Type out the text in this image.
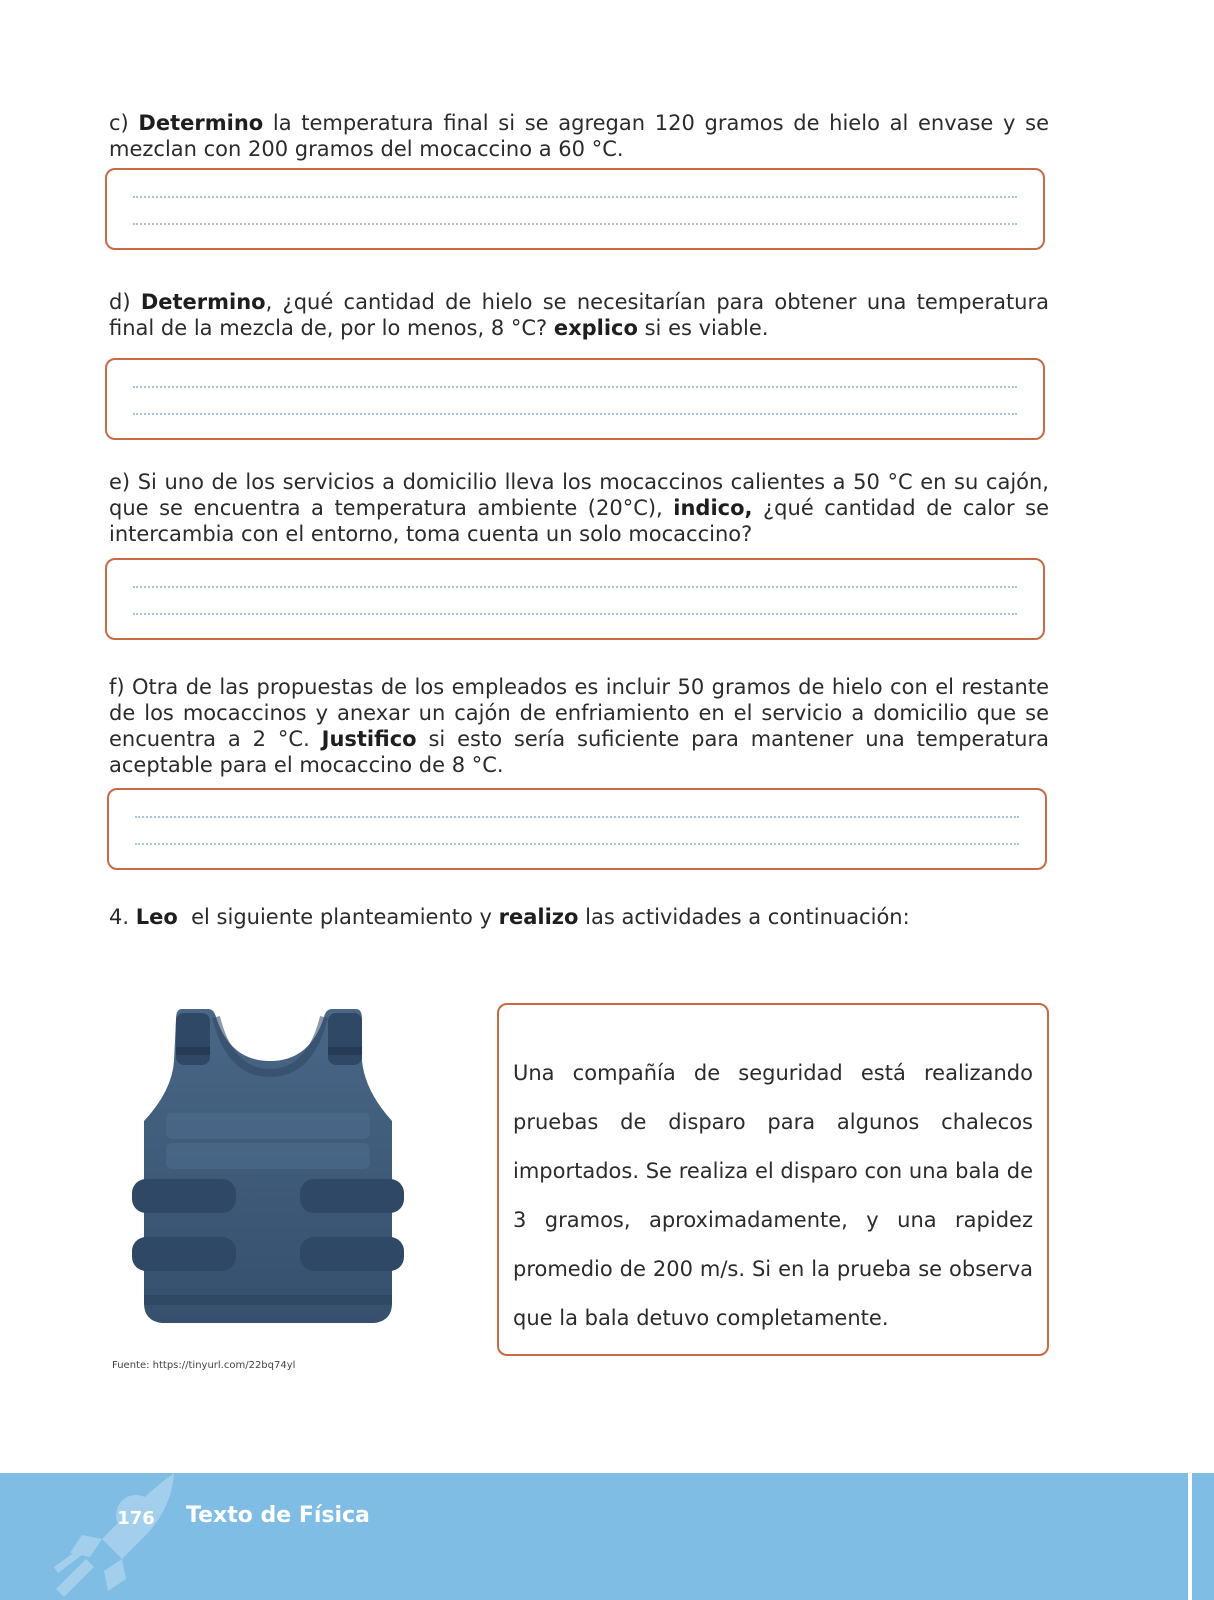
c) Determino la temperatura final si se agregan 120 gramos de hielo al envase y se mezclan con 200 gramos del mocaccino a 60 °C.
d) Determino, ¿qué cantidad de hielo se necesitarían para obtener una temperatura final de la mezcla de, por lo menos, 8 °C? explico si es viable.
e) Si uno de los servicios a domicilio lleva los mocaccinos calientes a 50 °C en su cajón, que se encuentra a temperatura ambiente (20°C), indico, ¿qué cantidad de calor se intercambia con el entorno, toma cuenta un solo mocaccino?
f) Otra de las propuestas de los empleados es incluir 50 gramos de hielo con el restante de los mocaccinos y anexar un cajón de enfriamiento en el servicio a domicilio que se encuentra a 2 °C. Justifico si esto sería suficiente para mantener una temperatura aceptable para el mocaccino de 8 °C.
4. Leo  el siguiente planteamiento y realizo las actividades a continuación:
Fuente: https://tinyurl.com/22bq74yl

Una compañía de seguridad está realizando pruebas de disparo para algunos chalecos importados. Se realiza el disparo con una bala de 3 gramos, aproximadamente, y una rapidez promedio de 200 m/s. Si en la prueba se observa que la bala detuvo completamente.

176 Texto de Física
